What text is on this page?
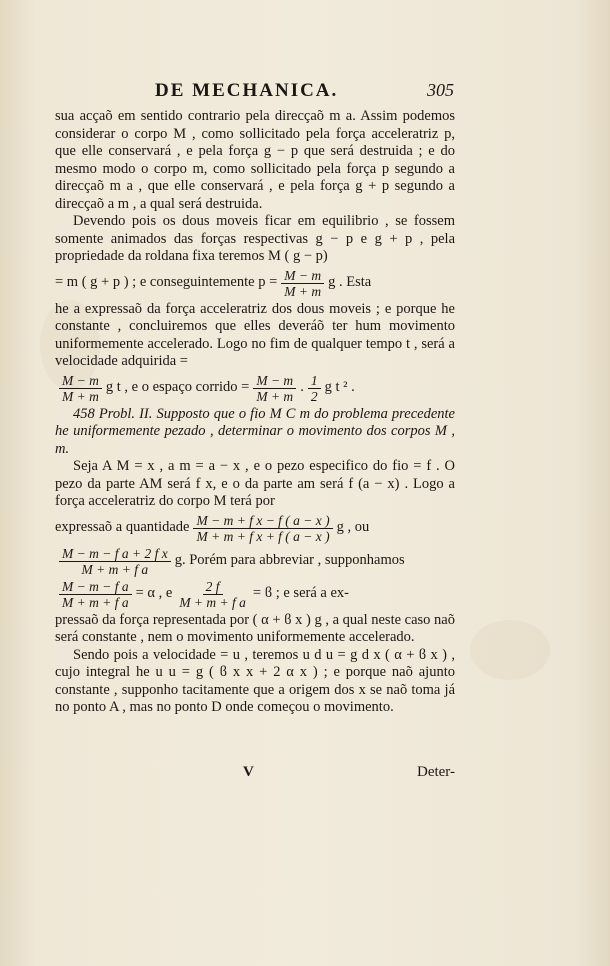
DE MECHANICA.	305

sua acçaõ em sentido contrario pela direcçaõ m a. Assim podemos considerar o corpo M , como sollicitado pela força acceleratriz p, que elle conservará , e pela força g − p que será destruida ; e do mesmo modo o corpo m, como sollicitado pela força p segundo a direcçaõ m a , que elle conservará , e pela força g + p segundo a direcçaõ a m , a qual será destruida.

Devendo pois os dous moveis ficar em equilibrio , se fossem somente animados das forças respectivas g − p e g + p , pela propriedade da roldana fixa teremos M ( g − p)

= m ( g + p ) ; e conseguintemente $p = \frac{M - m}{M + m}$ g . Esta

he a expressaõ da força acceleratriz dos dous moveis ; e porque he constante , concluiremos que elles deveráõ ter hum movimento uniformemente accelerado. Logo no fim de qualquer tempo t , será a velocidade adquirida =

$\frac{M - m}{M + m}$ g t , e o espaço corrido = $\frac{M - m}{M + m}$ . $\frac{1}{2}$ g t ² .

458 Probl. II. Supposto que o fio M C m do problema precedente he uniformemente pezado , determinar o movimento dos corpos M , m.

Seja A M = x , a m = a − x , e o pezo especifico do fio = f . O pezo da parte AM será f x, e o da parte am será f (a − x) . Logo a força acceleratriz do corpo M terá por

expressaõ a quantidade $\frac{\text{M − m + f x − f ( a − x )}}{\text{M + m + f x + f ( a − x )}}$ g , ou
$\frac{\text{M − m − f a + 2 f x}}{\text{M + m + f a}} g$. Porém para abbreviar , supponhamos
$\frac{\text{M − m − f a}}{\text{M + m + f a}} = \alpha$ , e $\frac{2 f}{\text{M + m + f a}} = ϐ$ ; e será a ex-

pressaõ da força representada por ( α + ϐ x ) g , a qual neste caso naõ será constante , nem o movimento uniformemente accelerado.

Sendo pois a velocidade = u , teremos u d u = g d x ( α + ϐ x ) , cujo integral he u u = g ( ϐ x x + 2 α x ) ; e porque naõ ajunto constante , supponho tacitamente que a origem dos x se naõ toma já no ponto A , mas no ponto D onde começou o movimento.

V	Deter-
